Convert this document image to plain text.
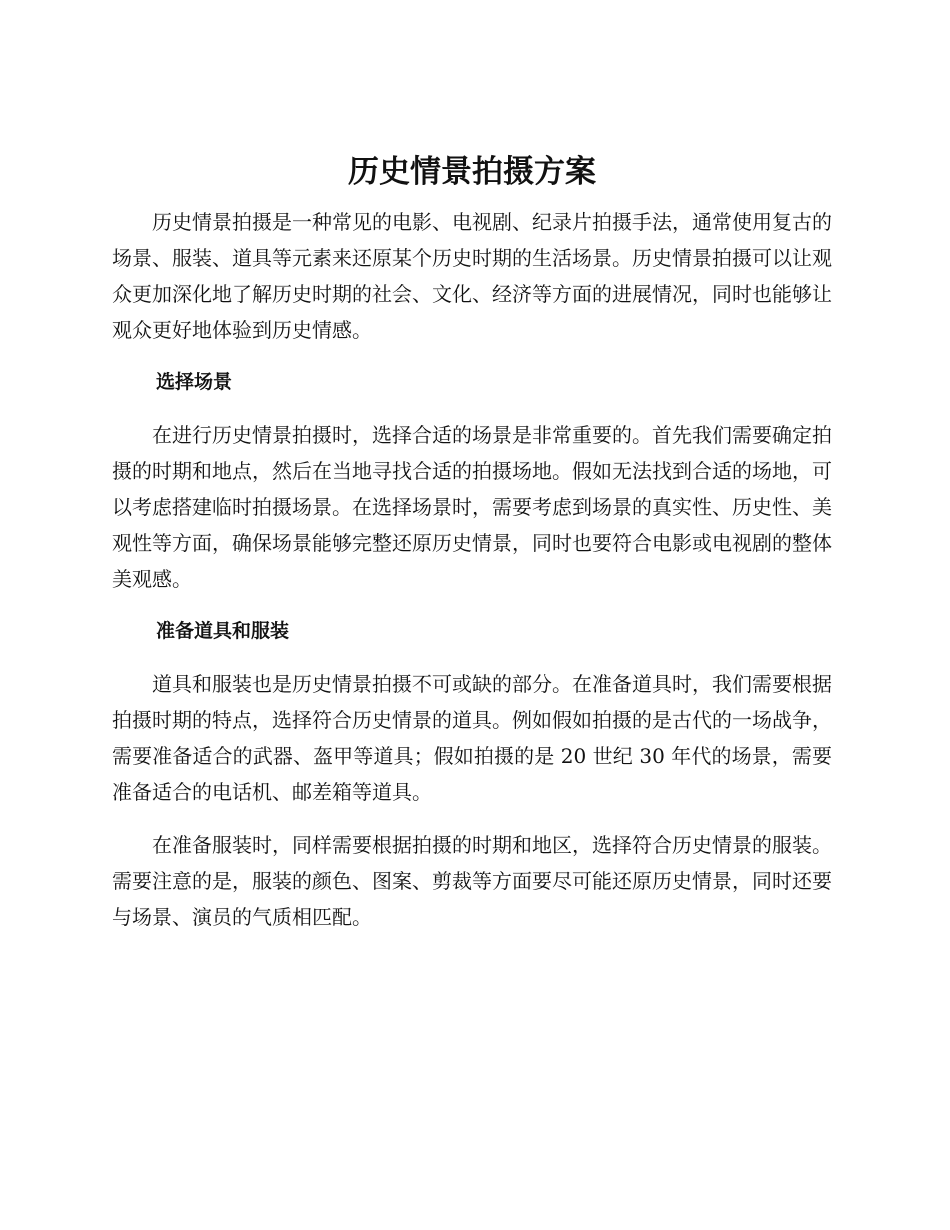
历史情景拍摄方案

历史情景拍摄是一种常见的电影、电视剧、纪录片拍摄手法，通常使用复古的场景、服装、道具等元素来还原某个历史时期的生活场景。历史情景拍摄可以让观众更加深化地了解历史时期的社会、文化、经济等方面的进展情况，同时也能够让观众更好地体验到历史情感。

选择场景

在进行历史情景拍摄时，选择合适的场景是非常重要的。首先我们需要确定拍摄的时期和地点，然后在当地寻找合适的拍摄场地。假如无法找到合适的场地，可以考虑搭建临时拍摄场景。在选择场景时，需要考虑到场景的真实性、历史性、美观性等方面，确保场景能够完整还原历史情景，同时也要符合电影或电视剧的整体美观感。

准备道具和服装

道具和服装也是历史情景拍摄不可或缺的部分。在准备道具时，我们需要根据拍摄时期的特点，选择符合历史情景的道具。例如假如拍摄的是古代的一场战争，需要准备适合的武器、盔甲等道具；假如拍摄的是 20 世纪 30 年代的场景，需要准备适合的电话机、邮差箱等道具。

在准备服装时，同样需要根据拍摄的时期和地区，选择符合历史情景的服装。需要注意的是，服装的颜色、图案、剪裁等方面要尽可能还原历史情景，同时还要与场景、演员的气质相匹配。
